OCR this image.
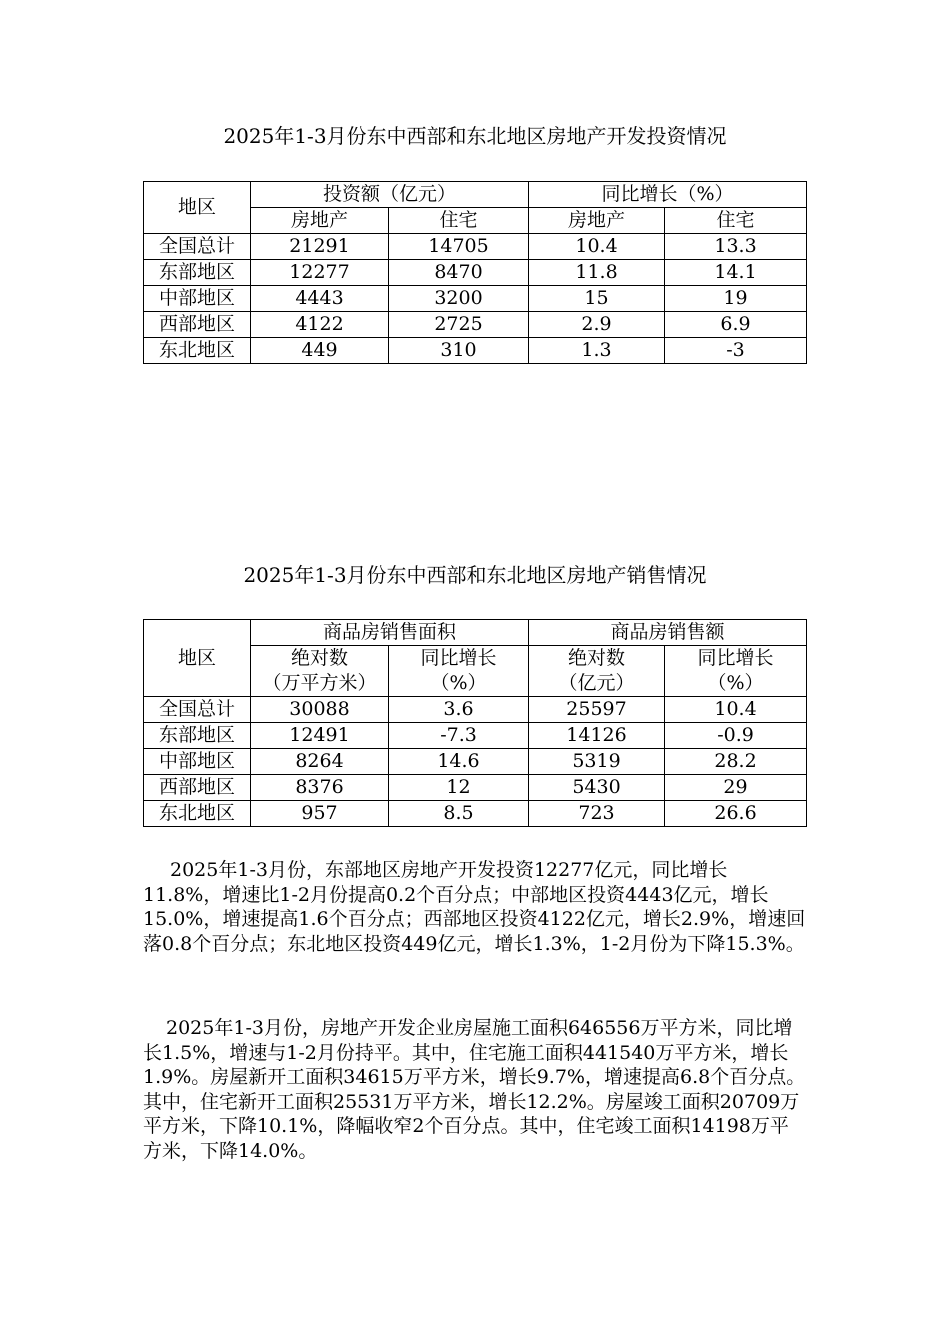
2025年1-3月份东中西部和东北地区房地产开发投资情况
地区	投资额（亿元）		同比增长（%）	
	房地产	住宅	房地产	住宅
全国总计	21291	14705	10.4	13.3
东部地区	12277	8470	11.8	14.1
中部地区	4443	3200	15	19
西部地区	4122	2725	2.9	6.9
东北地区	449	310	1.3	-3
2025年1-3月份东中西部和东北地区房地产销售情况
地区	商品房销售面积		商品房销售额	
	绝对数	同比增长	绝对数	同比增长
	（万平方米）	（%）	（亿元）	（%）
全国总计	30088	3.6	25597	10.4
东部地区	12491	-7.3	14126	-0.9
中部地区	8264	14.6	5319	28.2
西部地区	8376	12	5430	29
东北地区	957	8.5	723	26.6

2025年1-3月份，东部地区房地产开发投资12277亿元，同比增长11.8%，增速比1-2月份提高0.2个百分点；中部地区投资4443亿元，增长15.0%，增速提高1.6个百分点；西部地区投资4122亿元，增长2.9%，增速回落0.8个百分点；东北地区投资449亿元，增长1.3%，1-2月份为下降15.3%。

2025年1-3月份，房地产开发企业房屋施工面积646556万平方米，同比增长1.5%，增速与1-2月份持平。其中，住宅施工面积441540万平方米，增长1.9%。房屋新开工面积34615万平方米，增长9.7%，增速提高6.8个百分点。其中，住宅新开工面积25531万平方米，增长12.2%。房屋竣工面积20709万平方米，下降10.1%，降幅收窄2个百分点。其中，住宅竣工面积14198万平方米，下降14.0%。
